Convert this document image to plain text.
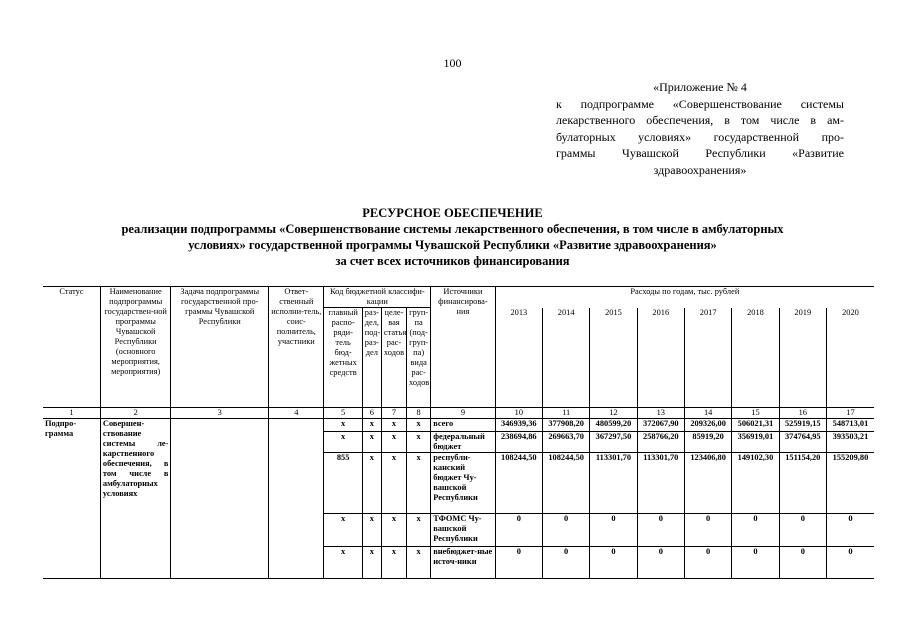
100
«Приложение № 4
к подпрограмме «Совершенствование системы
лекарственного обеспечения, в том числе в ам-
булаторных условиях» государственной про-
граммы Чувашской Республики «Развитие
здравоохранения»
РЕСУРСНОЕ ОБЕСПЕЧЕНИЕ
реализации подпрограммы «Совершенствование системы лекарственного обеспечения, в том числе в амбулаторных
условиях» государственной программы Чувашской Республики «Развитие здравоохранения»
за счет всех источников финансирования
Статус	Наименование подпрограммы государствен-ной программы Чувашской Республики (основного мероприятия, мероприятия)	Задача подпрограммы государственной про-граммы Чувашской Республики	Ответ-ственный исполни-тель, соис-полнитель, участники	Код бюджетной классифи-кации				Источники финансирова-ния	Расходы по годам, тыс. рублей							
				главный распо-ряди-тель бюд-жетных средств	раз-дел, под-раз-дел	целе-вая статья рас-ходов	груп-па (под-груп-па) вида рас-ходов		2013	2014	2015	2016	2017	2018	2019	2020

1	2	3	4	5	6	7	8	9	10	11	12	13	14	15	16	17
Подпро-грамма	Совершен-ствование системы ле-карственного обеспечения, в том числе в амбулаторных условиях			x	x	x	x	всего	346939,36	377908,20	480599,20	372067,90	209326,00	506021,31	525919,15	548713,01
				x	x	x	x	федеральный бюджет	238694,86	269663,70	367297,50	258766,20	85919,20	356919,01	374764,95	393503,21
				855	x	x	x	республи-канский бюджет Чу-вашской Республики	108244,50	108244,50	113301,70	113301,70	123406,80	149102,30	151154,20	155209,80
				x	x	x	x	ТФОМС Чу-вашской Республики	0	0	0	0	0	0	0	0
				x	x	x	x	внебюджет-ные источ-ники	0	0	0	0	0	0	0	0
